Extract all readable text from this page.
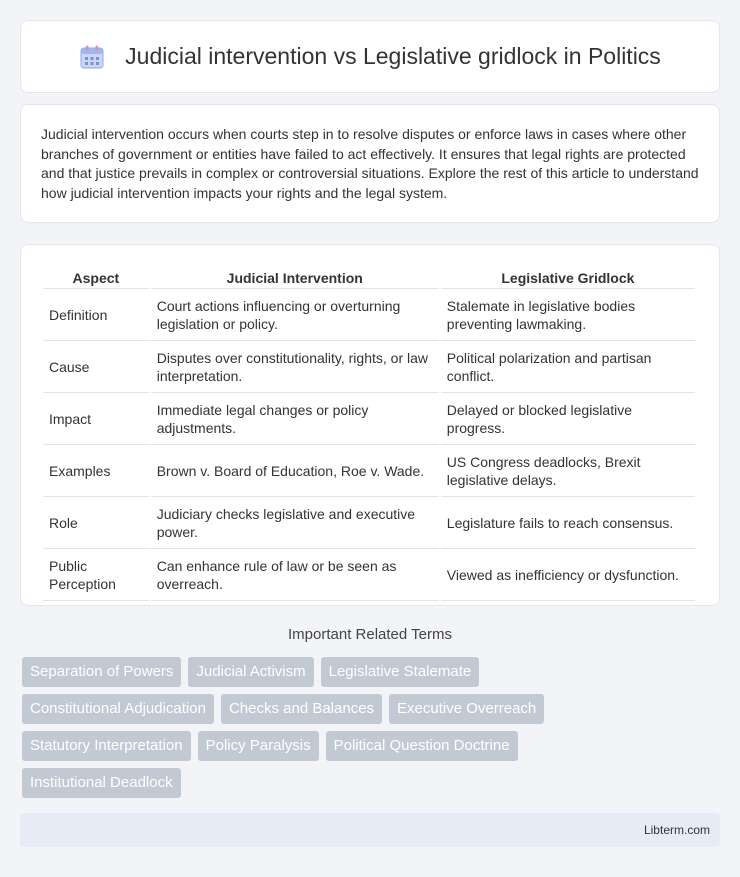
Judicial intervention vs Legislative gridlock in Politics

Judicial intervention occurs when courts step in to resolve disputes or enforce laws in cases where other branches of government or entities have failed to act effectively. It ensures that legal rights are protected and that justice prevails in complex or controversial situations. Explore the rest of this article to understand how judicial intervention impacts your rights and the legal system.

Aspect	Judicial Intervention	Legislative Gridlock
Definition	Court actions influencing or overturning legislation or policy.	Stalemate in legislative bodies preventing lawmaking.
Cause	Disputes over constitutionality, rights, or law interpretation.	Political polarization and partisan conflict.
Impact	Immediate legal changes or policy adjustments.	Delayed or blocked legislative progress.
Examples	Brown v. Board of Education, Roe v. Wade.	US Congress deadlocks, Brexit legislative delays.
Role	Judiciary checks legislative and executive power.	Legislature fails to reach consensus.
Public Perception	Can enhance rule of law or be seen as overreach.	Viewed as inefficiency or dysfunction.
Important Related Terms
Separation of Powers	Judicial Activism	Legislative Stalemate
Constitutional Adjudication	Checks and Balances	Executive Overreach
Statutory Interpretation	Policy Paralysis	Political Question Doctrine
Institutional Deadlock
Libterm.com
